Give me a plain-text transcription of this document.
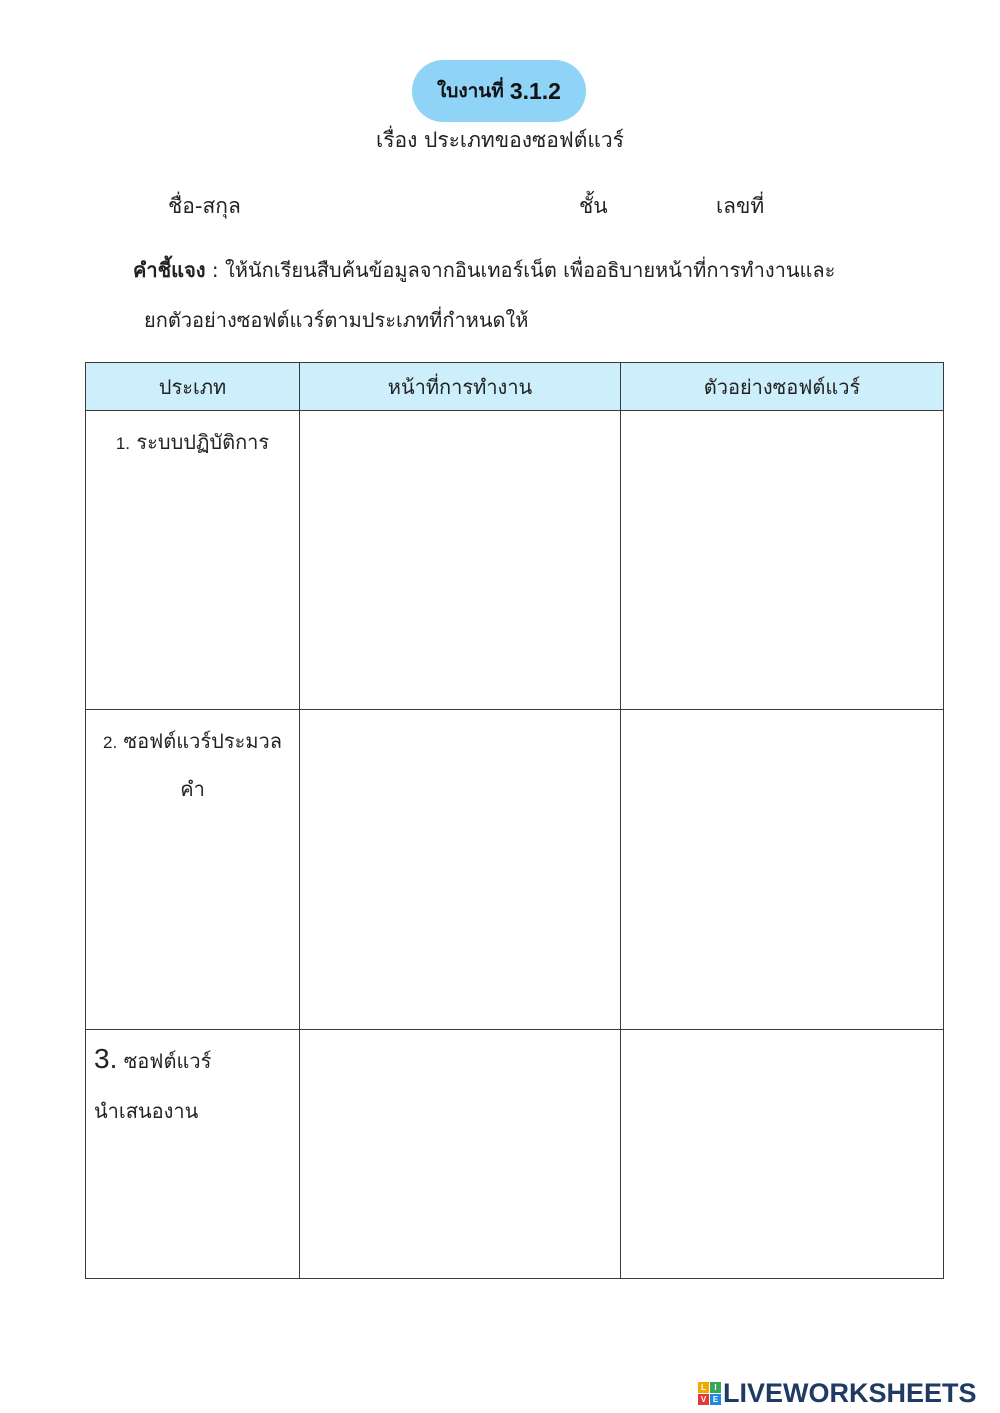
ใบงานที่ 3.1.2
เรื่อง ประเภทของซอฟต์แวร์
ชื่อ-สกุล	ชั้น	เลขที่
คำชี้แจง : ให้นักเรียนสืบค้นข้อมูลจากอินเทอร์เน็ต เพื่ออธิบายหน้าที่การทำงานและ
ยกตัวอย่างซอฟต์แวร์ตามประเภทที่กำหนดให้
ประเภท	หน้าที่การทำงาน	ตัวอย่างซอฟต์แวร์
1. ระบบปฏิบัติการ		
2. ซอฟต์แวร์ประมวล
คำ		
3. ซอฟต์แวร์
นำเสนองาน		
L	I
V E LIVEWORKSHEETS
